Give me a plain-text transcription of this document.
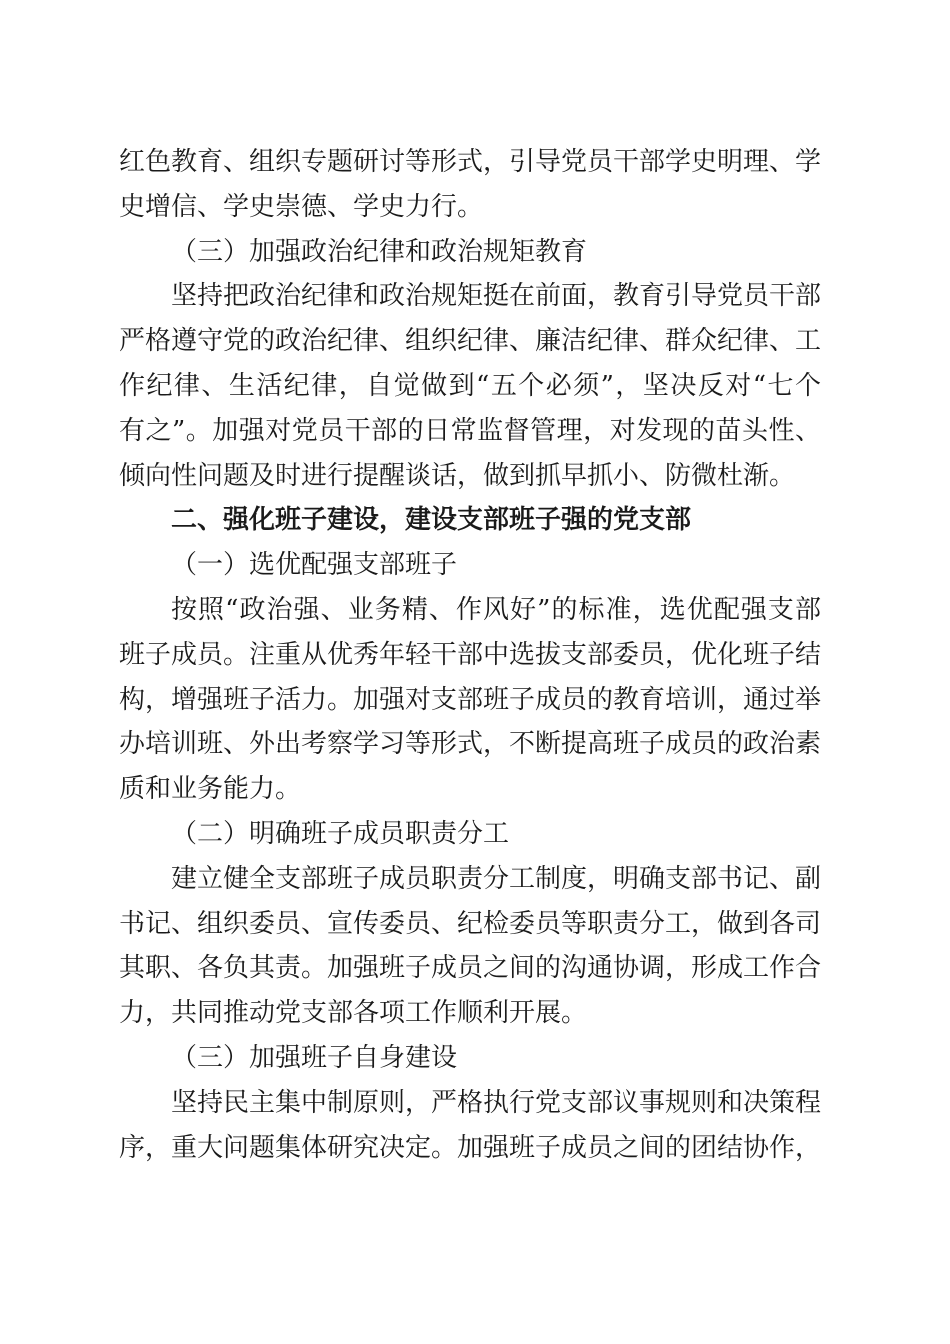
红色教育、组织专题研讨等形式，引导党员干部学史明理、学
史增信、学史崇德、学史力行。
（三）加强政治纪律和政治规矩教育
坚持把政治纪律和政治规矩挺在前面，教育引导党员干部
严格遵守党的政治纪律、组织纪律、廉洁纪律、群众纪律、工
作纪律、生活纪律，自觉做到“五个必须”，坚决反对“七个
有之”。加强对党员干部的日常监督管理，对发现的苗头性、
倾向性问题及时进行提醒谈话，做到抓早抓小、防微杜渐。
二、强化班子建设，建设支部班子强的党支部
（一）选优配强支部班子
按照“政治强、业务精、作风好”的标准，选优配强支部
班子成员。注重从优秀年轻干部中选拔支部委员，优化班子结
构，增强班子活力。加强对支部班子成员的教育培训，通过举
办培训班、外出考察学习等形式，不断提高班子成员的政治素
质和业务能力。
（二）明确班子成员职责分工
建立健全支部班子成员职责分工制度，明确支部书记、副
书记、组织委员、宣传委员、纪检委员等职责分工，做到各司
其职、各负其责。加强班子成员之间的沟通协调，形成工作合
力，共同推动党支部各项工作顺利开展。
（三）加强班子自身建设
坚持民主集中制原则，严格执行党支部议事规则和决策程
序，重大问题集体研究决定。加强班子成员之间的团结协作，
